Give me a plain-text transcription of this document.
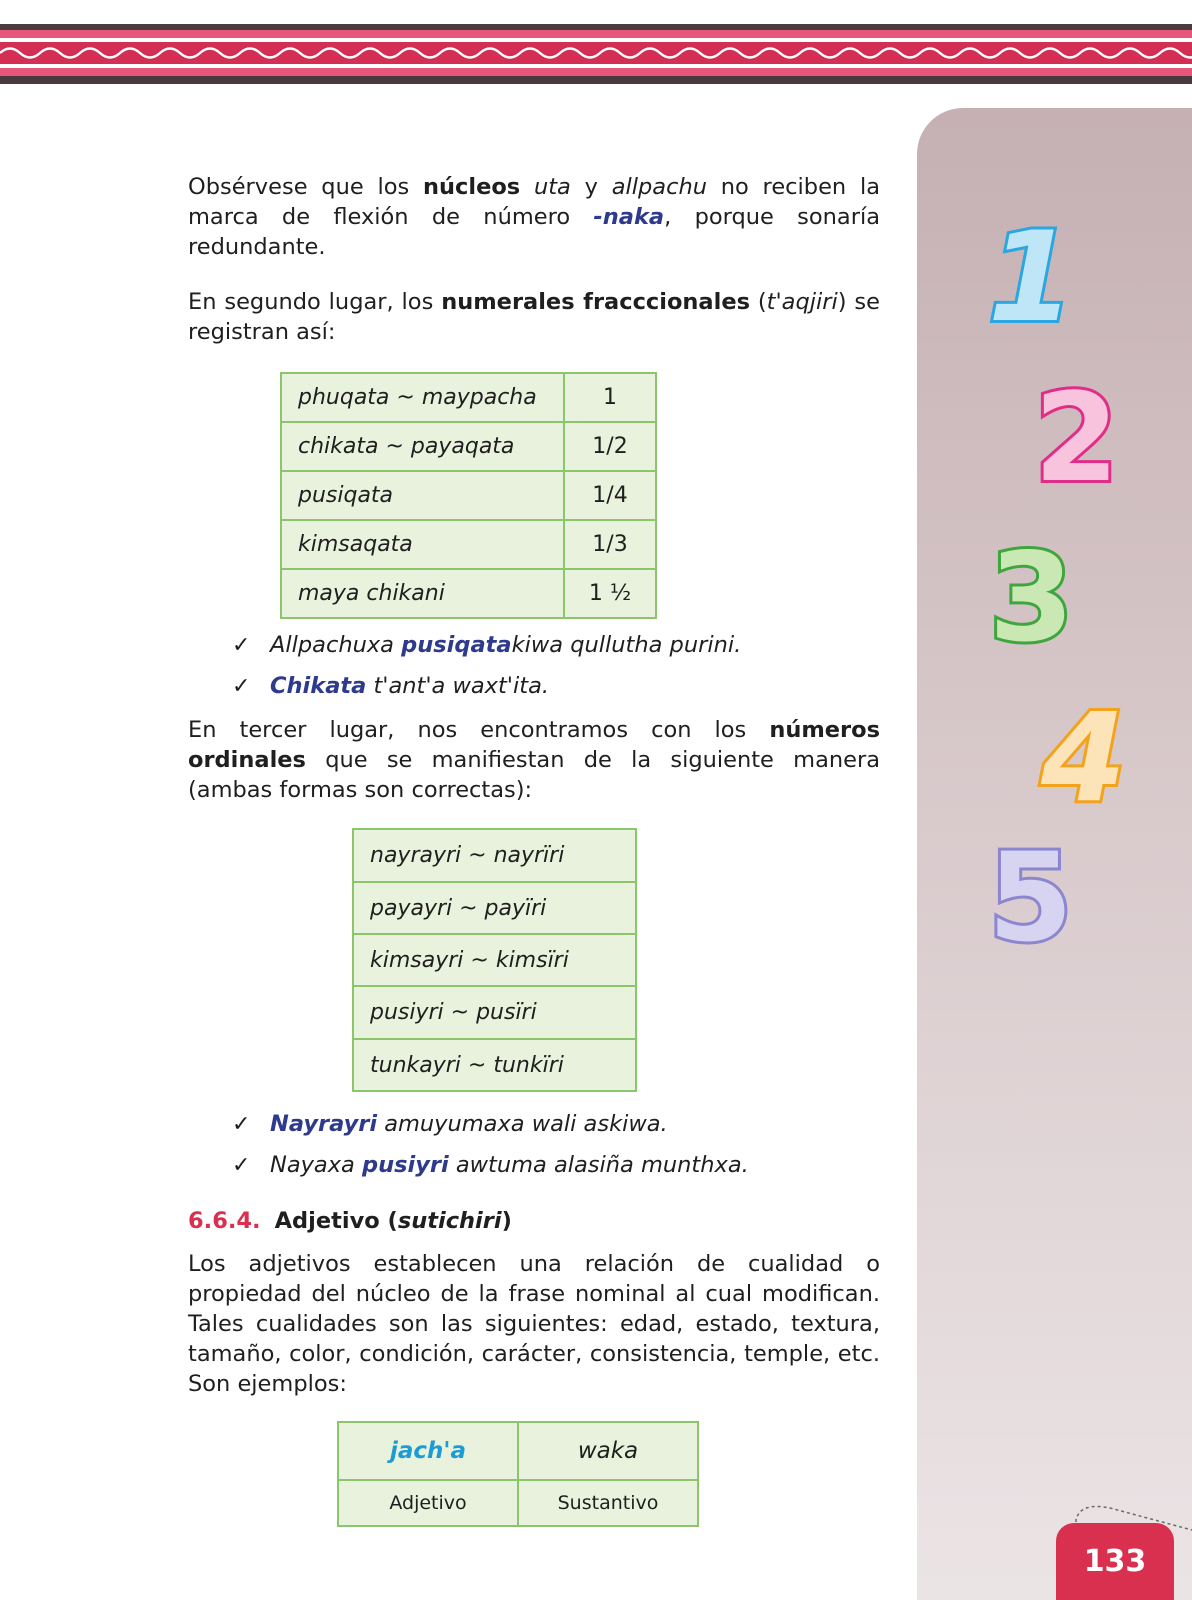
1
2
3
4
5
133

Obsérvese que los núcleos uta y allpachu no reciben la marca de flexión de número -naka, porque sonaría redundante.

En segundo lugar, los numerales fracccionales (t'aqjiri) se registran así:

phuqata ~ maypacha	1
chikata ~ payaqata	1/2
pusiqata	1/4
kimsaqata	1/3
maya chikani	1 ½
✓ Allpachuxa pusiqatakiwa qullutha purini.
✓ Chikata t'ant'a waxt'ita.

En tercer lugar, nos encontramos con los números ordinales que se manifiestan de la siguiente manera (ambas formas son correctas):

nayrayri ~ nayrïri
payayri ~ payïri
kimsayri ~ kimsïri
pusiyri ~ pusïri
tunkayri ~ tunkïri
✓ Nayrayri amuyumaxa wali askiwa.
✓ Nayaxa pusiyri awtuma alasiña munthxa.
6.6.4. Adjetivo (sutichiri)

Los adjetivos establecen una relación de cualidad o propiedad del núcleo de la frase nominal al cual modifican. Tales cualidades son las siguientes: edad, estado, textura, tamaño, color, condición, carácter, consistencia, temple, etc. Son ejemplos:

jach'a	waka
Adjetivo	Sustantivo
